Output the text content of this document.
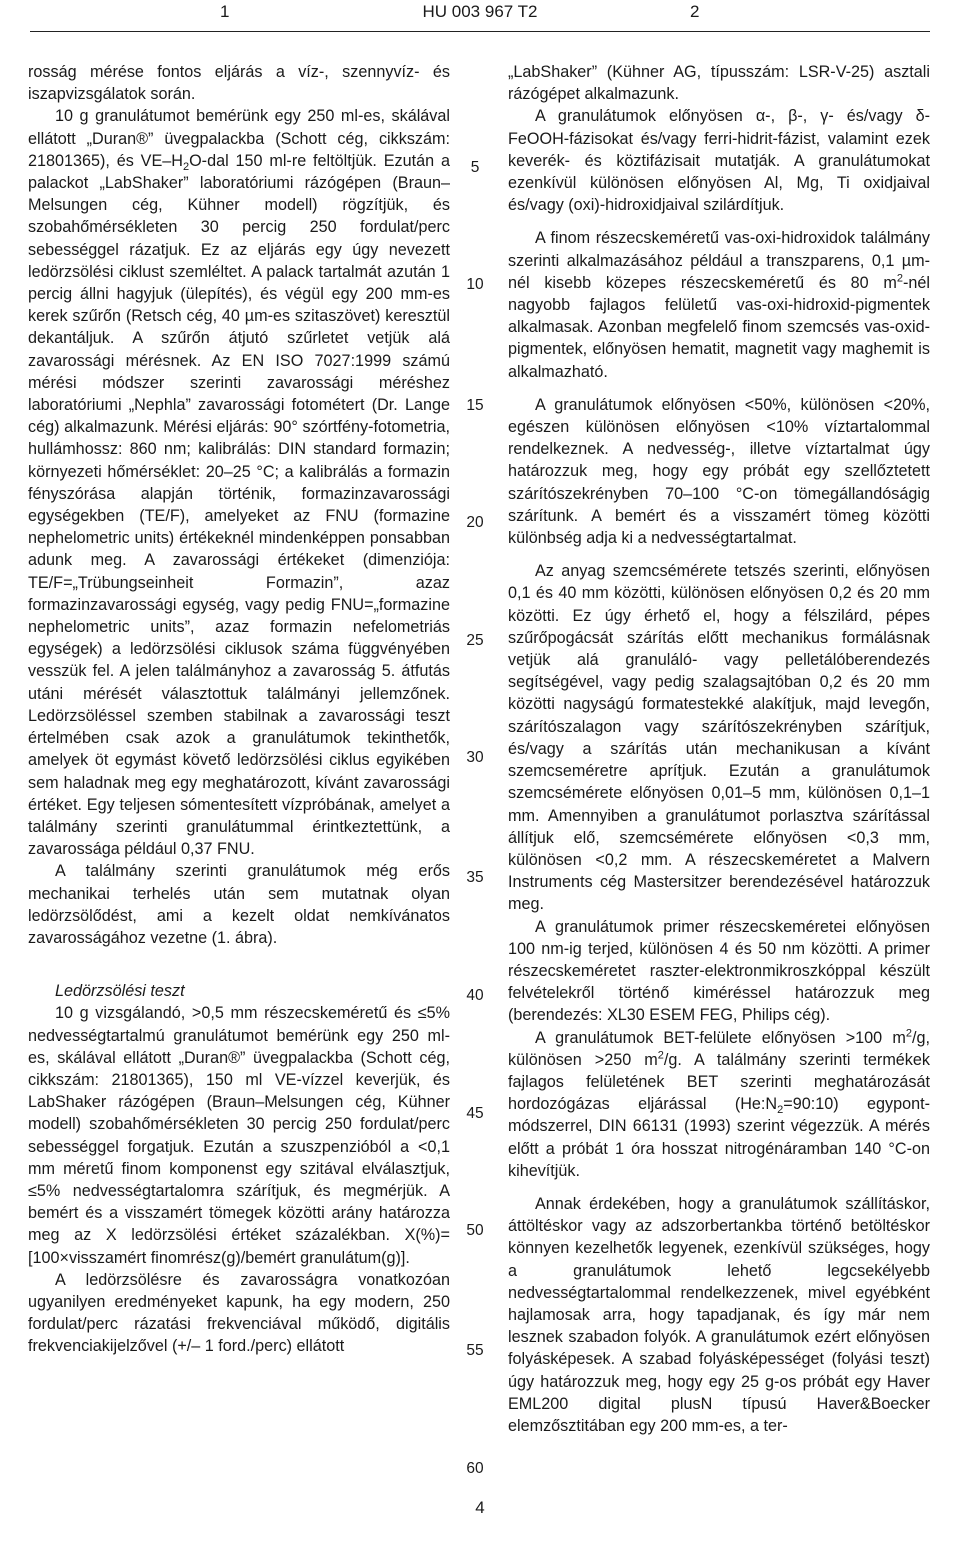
1	HU 003 967 T2	2

rosság mérése fontos eljárás a víz-, szennyvíz- és iszapvizsgálatok során.

10 g granulátumot bemérünk egy 250 ml-es, skálával ellátott „Duran®” üvegpalackba (Schott cég, cikkszám: 21801365), és $VE-H_2O$-dal 150 ml-re feltöltjük. Ezután a palackot „LabShaker” laboratóriumi rázógépen (Braun–Melsungen cég, Kühner modell) rögzítjük, és szobahőmérsékleten 30 percig 250 fordulat/perc sebességgel rázatjuk. Ez az eljárás egy úgy nevezett ledörzsölési ciklust szemléltet. A palack tartalmát azután 1 percig állni hagyjuk (ülepítés), és végül egy 200 mm-es kerek szűrőn (Retsch cég, 40 µm-es szitaszövet) keresztül dekantáljuk. A szűrőn átjutó szűrletet vetjük alá zavarossági mérésnek. Az EN ISO 7027:1999 számú mérési módszer szerinti zavarossági méréshez laboratóriumi „Nephla” zavarossági fotométert (Dr. Lange cég) alkalmazunk. Mérési eljárás: 90° szórtfény-fotometria, hullámhossz: 860 nm; kalibrálás: DIN standard formazin; környezeti hőmérséklet: 20–25 °C; a kalibrálás a formazin fényszórása alapján történik, formazinzavarossági egységekben (TE/F), amelyeket az FNU (formazine nephelometric units) értékeknél mindenképpen ponsabban adunk meg. A zavarossági értékeket (dimenziója: TE/F=„Trübungseinheit Formazin”, azaz formazinzavarossági egység, vagy pedig FNU=„formazine nephelometric units”, azaz formazin nefelometriás egységek) a ledörzsölési ciklusok száma függvényében vesszük fel. A jelen találmányhoz a zavarosság 5. átfutás utáni mérését választottuk találmányi jellemzőnek. Ledörzsöléssel szemben stabilnak a zavarossági teszt értelmében csak azok a granulátumok tekinthetők, amelyek öt egymást követő ledörzsölési ciklus egyikében sem haladnak meg egy meghatározott, kívánt zavarossági értéket. Egy teljesen sómentesített vízpróbának, amelyet a találmány szerinti granulátummal érintkeztettünk, a zavarossága például 0,37 FNU.

A találmány szerinti granulátumok még erős mechanikai terhelés után sem mutatnak olyan ledörzsölődést, ami a kezelt oldat nemkívánatos zavarosságához vezetne (1. ábra).

Ledörzsölési teszt

10 g vizsgálandó, >0,5 mm részecskeméretű és ≤5% nedvességtartalmú granulátumot bemérünk egy 250 ml-es, skálával ellátott „Duran®” üvegpalackba (Schott cég, cikkszám: 21801365), 150 ml VE-vízzel keverjük, és LabShaker rázógépen (Braun–Melsungen cég, Kühner modell) szobahőmérsékleten 30 percig 250 fordulat/perc sebességgel forgatjuk. Ezután a szuszpenzióból a <0,1 mm méretű finom komponenst egy szitával elválasztjuk, ≤5% nedvességtartalomra szárítjuk, és megmérjük. A bemért és a visszamért tömegek közötti arány határozza meg az X ledörzsölési értéket százalékban. X(%)=[100×visszamért finomrész(g)/bemért granulátum(g)].

A ledörzsölésre és zavarosságra vonatkozóan ugyanilyen eredményeket kapunk, ha egy modern, 250 fordulat/perc rázatási frekvenciával működő, digitális frekvenciakijelzővel (+/– 1 ford./perc) ellátott

„LabShaker” (Kühner AG, típusszám: LSR-V-25) asztali rázógépet alkalmazunk.

A granulátumok előnyösen α-, β-, γ- és/vagy δ-FeOOH-fázisokat és/vagy ferri-hidrit-fázist, valamint ezek keverék- és köztifázisait mutatják. A granulátumokat ezenkívül különösen előnyösen Al, Mg, Ti oxidjaival és/vagy (oxi)-hidroxidjaival szilárdítjuk.

A finom részecskeméretű vas-oxi-hidroxidok találmány szerinti alkalmazásához például a transzparens, 0,1 µm-nél kisebb közepes részecskeméretű és 80 $m^2$-nél nagyobb fajlagos felületű vas-oxi-hidroxid-pigmentek alkalmasak. Azonban megfelelő finom szemcsés vas-oxid-pigmentek, előnyösen hematit, magnetit vagy maghemit is alkalmazható.

A granulátumok előnyösen <50%, különösen <20%, egészen különösen előnyösen <10% víztartalommal rendelkeznek. A nedvesség-, illetve víztartalmat úgy határozzuk meg, hogy egy próbát egy szellőztetett szárítószekrényben 70–100 °C-on tömegállandóságig szárítunk. A bemért és a visszamért tömeg közötti különbség adja ki a nedvességtartalmat.

Az anyag szemcsémérete tetszés szerinti, előnyösen 0,1 és 40 mm közötti, különösen előnyösen 0,2 és 20 mm közötti. Ez úgy érhető el, hogy a félszilárd, pépes szűrőpogácsát szárítás előtt mechanikus formálásnak vetjük alá granuláló- vagy pelletálóberendezés segítségével, vagy pedig szalagsajtóban 0,2 és 20 mm közötti nagyságú formatestekké alakítjuk, majd levegőn, szárítószalagon vagy szárítószekrényben szárítjuk, és/vagy a szárítás után mechanikusan a kívánt szemcseméretre aprítjuk. Ezután a granulátumok szemcsémérete előnyösen 0,01–5 mm, különösen 0,1–1 mm. Amennyiben a granulátumot porlasztva szárítással állítjuk elő, szemcsémérete előnyösen <0,3 mm, különösen <0,2 mm. A részecskeméretet a Malvern Instruments cég Mastersitzer berendezésével határozzuk meg.

A granulátumok primer részecskeméretei előnyösen 100 nm-ig terjed, különösen 4 és 50 nm közötti. A primer részecskeméretet raszter-elektronmikroszkóppal készült felvételekről történő kiméréssel határozzuk meg (berendezés: XL30 ESEM FEG, Philips cég).

A granulátumok BET-felülete előnyösen >100 $m^2/g$, különösen >250 $m^2/g$. A találmány szerinti termékek fajlagos felületének BET szerinti meghatározását hordozógázas eljárással $(He:N_2=90:10)$ egypont-módszerrel, DIN 66131 (1993) szerint végezzük. A mérés előtt a próbát 1 óra hosszat nitrogénáramban 140 °C-on kihevítjük.

Annak érdekében, hogy a granulátumok szállításkor, áttöltéskor vagy az adszorbertankba történő betöltéskor könnyen kezelhetők legyenek, ezenkívül szükséges, hogy a granulátumok lehető legcsekélyebb nedvességtartalommal rendelkezzenek, mivel egyébként hajlamosak arra, hogy tapadjanak, és így már nem lesznek szabadon folyók. A granulátumok ezért előnyösen folyásképesek. A szabad folyásképességet (folyási teszt) úgy határozzuk meg, hogy egy 25 g-os próbát egy Haver EML200 digital plusN típusú Haver&Boecker elemzősztitában egy 200 mm-es, a ter-

5
10
15
20
25
30
35
40
45
50
55
60
4
